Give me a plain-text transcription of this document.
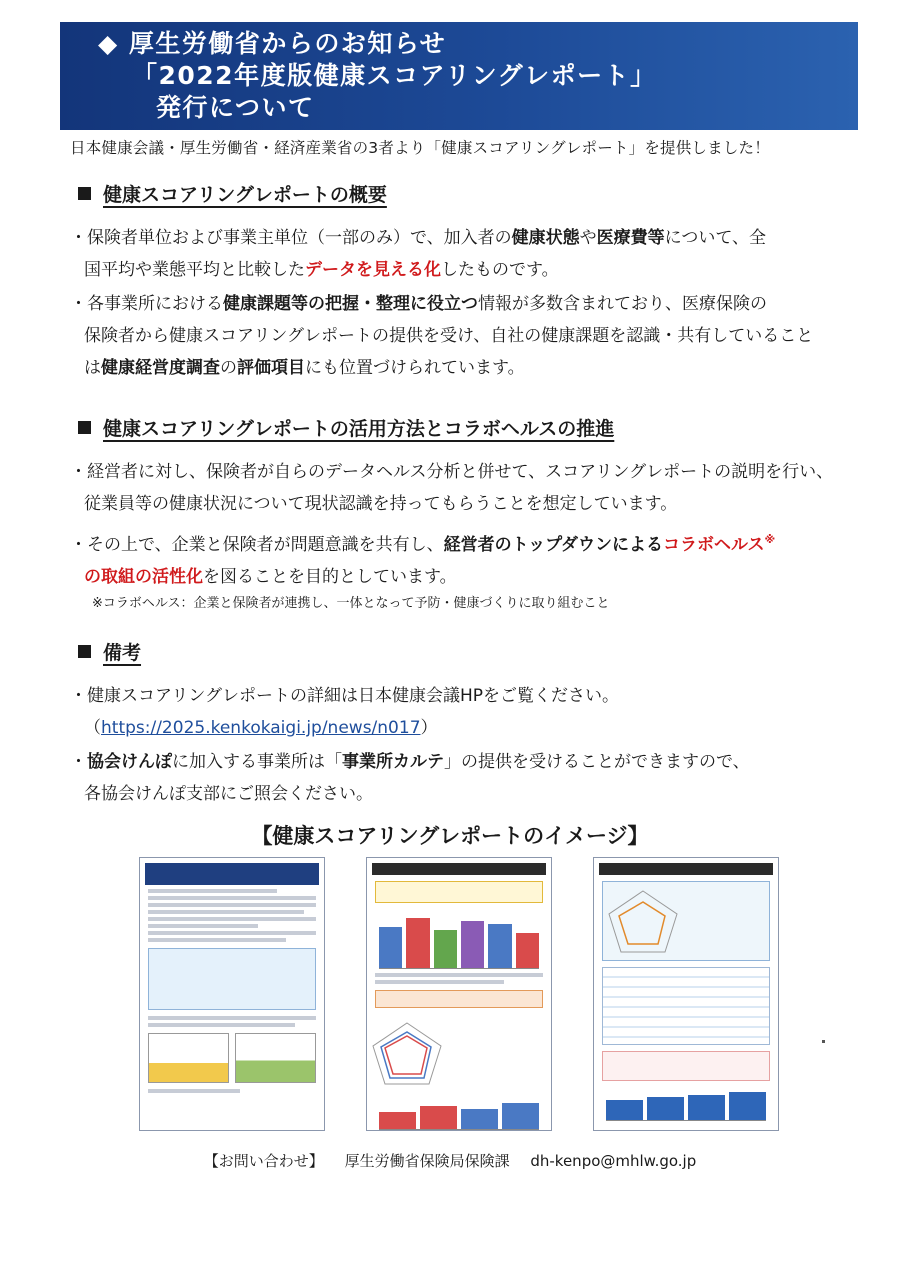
◆ 厚生労働省からのお知らせ
「2022年度版健康スコアリングレポート」
発行について
日本健康会議・厚生労働省・経済産業省の3者より「健康スコアリングレポート」を提供しました！
健康スコアリングレポートの概要
・保険者単位および事業主単位（一部のみ）で、加入者の健康状態や医療費等について、全
国平均や業態平均と比較したデータを見える化したものです。
・各事業所における健康課題等の把握・整理に役立つ情報が多数含まれており、医療保険の
保険者から健康スコアリングレポートの提供を受け、自社の健康課題を認識・共有していること
は健康経営度調査の評価項目にも位置づけられています。
健康スコアリングレポートの活用方法とコラボヘルスの推進
・経営者に対し、保険者が自らのデータヘルス分析と併せて、スコアリングレポートの説明を行い、
従業員等の健康状況について現状認識を持ってもらうことを想定しています。
・その上で、企業と保険者が問題意識を共有し、経営者のトップダウンによるコラボヘルス※
の取組の活性化を図ることを目的としています。
※コラボヘルス：企業と保険者が連携し、一体となって予防・健康づくりに取り組むこと
備考
・健康スコアリングレポートの詳細は日本健康会議HPをご覧ください。
（https://2025.kenkokaigi.jp/news/n017）
・協会けんぽに加入する事業所は「事業所カルテ」の提供を受けることができますので、
各協会けんぽ支部にご照会ください。
【健康スコアリングレポートのイメージ】
【お問い合わせ】 厚生労働省保険局保険課 dh-kenpo@mhlw.go.jp
